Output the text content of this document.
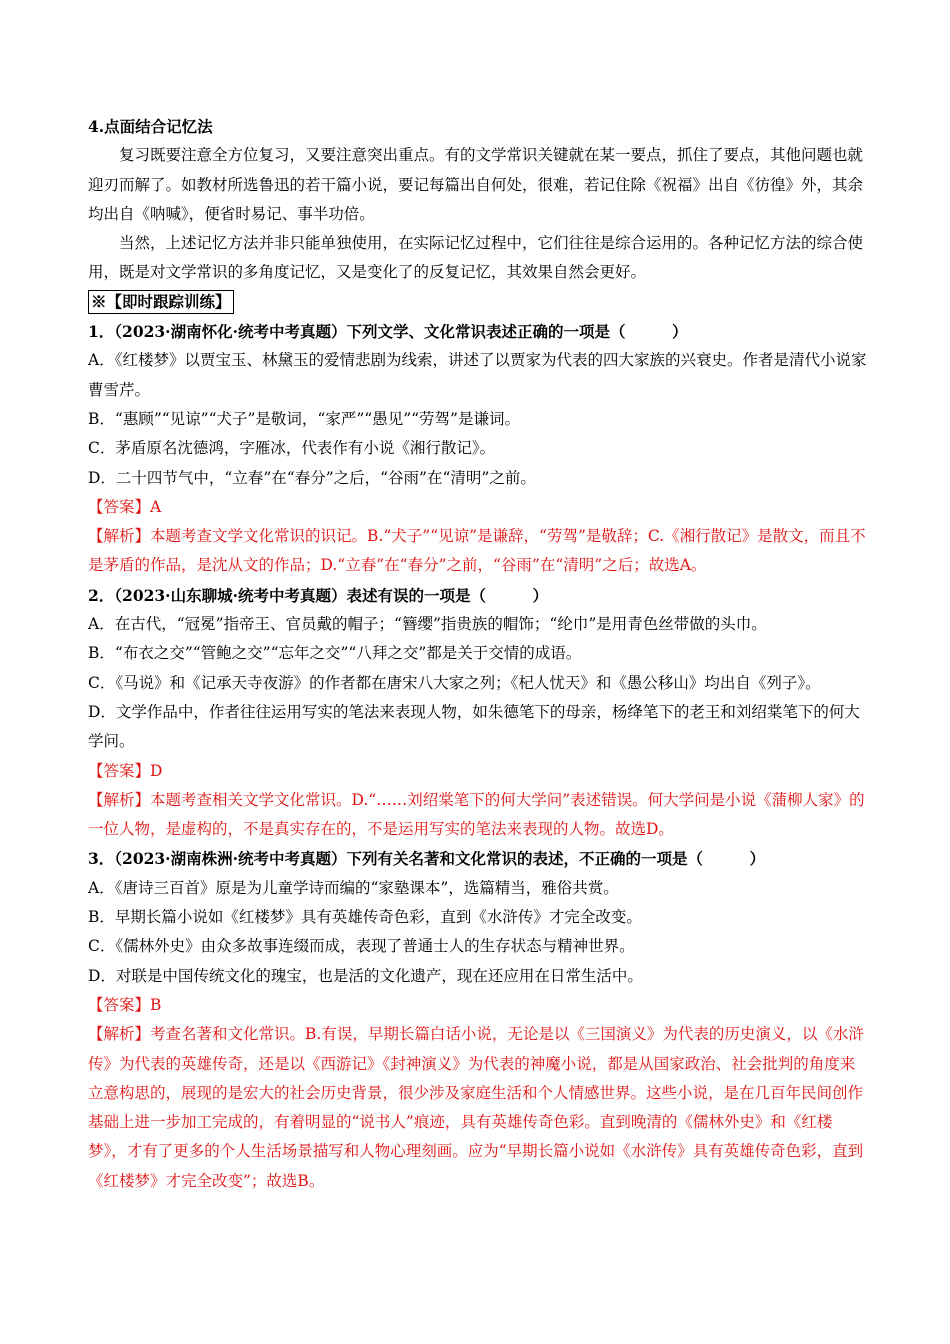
4.点面结合记忆法

复习既要注意全方位复习，又要注意突出重点。有的文学常识关键就在某一要点，抓住了要点，其他问题也就迎刃而解了。如教材所选鲁迅的若干篇小说，要记每篇出自何处，很难，若记住除《祝福》出自《彷徨》外，其余均出自《呐喊》，便省时易记、事半功倍。

当然，上述记忆方法并非只能单独使用，在实际记忆过程中，它们往往是综合运用的。各种记忆方法的综合使用，既是对文学常识的多角度记忆，又是变化了的反复记忆，其效果自然会更好。

※【即时跟踪训练】

1．（2023·湖南怀化·统考中考真题）下列文学、文化常识表述正确的一项是（　　　）

A．《红楼梦》以贾宝玉、林黛玉的爱情悲剧为线索，讲述了以贾家为代表的四大家族的兴衰史。作者是清代小说家曹雪芹。

B．“惠顾”“见谅”“犬子”是敬词，“家严”“愚见”“劳驾”是谦词。

C．茅盾原名沈德鸿，字雁冰，代表作有小说《湘行散记》。

D．二十四节气中，“立春”在“春分”之后，“谷雨”在“清明”之前。

【答案】A

【解析】本题考查文学文化常识的识记。B.“犬子”“见谅”是谦辞，“劳驾”是敬辞；C.《湘行散记》是散文，而且不是茅盾的作品，是沈从文的作品；D.“立春”在“春分”之前，“谷雨”在“清明”之后；故选A。

2．（2023·山东聊城·统考中考真题）表述有误的一项是（　　　）

A．在古代，“冠冕”指帝王、官员戴的帽子；“簪缨”指贵族的帽饰；“纶巾”是用青色丝带做的头巾。

B．“布衣之交”“管鲍之交”“忘年之交”“八拜之交”都是关于交情的成语。

C．《马说》和《记承天寺夜游》的作者都在唐宋八大家之列；《杞人忧天》和《愚公移山》均出自《列子》。

D．文学作品中，作者往往运用写实的笔法来表现人物，如朱德笔下的母亲，杨绛笔下的老王和刘绍棠笔下的何大学问。

【答案】D

【解析】本题考查相关文学文化常识。D.“……刘绍棠笔下的何大学问”表述错误。何大学问是小说《蒲柳人家》的一位人物，是虚构的，不是真实存在的，不是运用写实的笔法来表现的人物。故选D。

3．（2023·湖南株洲·统考中考真题）下列有关名著和文化常识的表述，不正确的一项是（　　　）

A．《唐诗三百首》原是为儿童学诗而编的“家塾课本”，选篇精当，雅俗共赏。

B．早期长篇小说如《红楼梦》具有英雄传奇色彩，直到《水浒传》才完全改变。

C．《儒林外史》由众多故事连缀而成，表现了普通士人的生存状态与精神世界。

D．对联是中国传统文化的瑰宝，也是活的文化遗产，现在还应用在日常生活中。

【答案】B

【解析】考查名著和文化常识。B.有误，早期长篇白话小说，无论是以《三国演义》为代表的历史演义，以《水浒传》为代表的英雄传奇，还是以《西游记》《封神演义》为代表的神魔小说，都是从国家政治、社会批判的角度来立意构思的，展现的是宏大的社会历史背景，很少涉及家庭生活和个人情感世界。这些小说，是在几百年民间创作基础上进一步加工完成的，有着明显的“说书人”痕迹，具有英雄传奇色彩。直到晚清的《儒林外史》和《红楼梦》，才有了更多的个人生活场景描写和人物心理刻画。应为“早期长篇小说如《水浒传》具有英雄传奇色彩，直到《红楼梦》才完全改变”；故选B。
